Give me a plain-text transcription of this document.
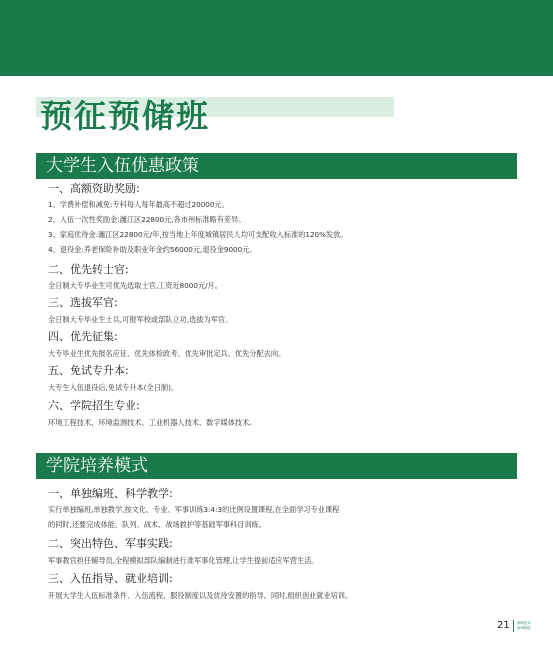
预征预储班
大学生入伍优惠政策
一、高额资助奖励:
1、学费补偿和减免:专科每人每年最高不超过20000元。
2、入伍一次性奖励金:瀍江区22800元,各市州标准略有差异。
3、家庭优待金:瀍江区22800元/年,按当地上年度城镇居民人均可支配收入标准的120%发放。
4、退役金:养老保险补助及职业年金约56000元,退役金9000元。
二、优先转士官:
全日制大专毕业生可优先选取士官,工资近8000元/月。
三、选拔军官:
全日制大专毕业生士兵,可报军校或部队立功,选拔为军官。
四、优先征集:
大专毕业生优先报名应征、优先体检政考、优先审批定兵、优先分配去向。
五、免试专升本:
大专生入伍退役后,免试专升本(全日制)。
六、学院招生专业:
环境工程技术、环境监测技术、工业机器人技术、数字媒体技术。
学院培养模式
一、单独编班、科学教学:
实行单独编班,单独教学,按文化、专业、军事训练3:4:3的比例设置课程,在全面学习专业课程
的同时,还要完成体能、队列、战术、战场救护等基础军事科目训练。
二、突出特色、军事实践:
军事教官担任辅导员,全程模拟部队编制进行准军事化管理,让学生提前适应军营生活。
三、入伍指导、就业培训:
开展大学生入伍标准条件、入伍流程、服役制度以及优待安置的指导。同时,组织创业就业培训。
21 高职征兵
贵州科院
